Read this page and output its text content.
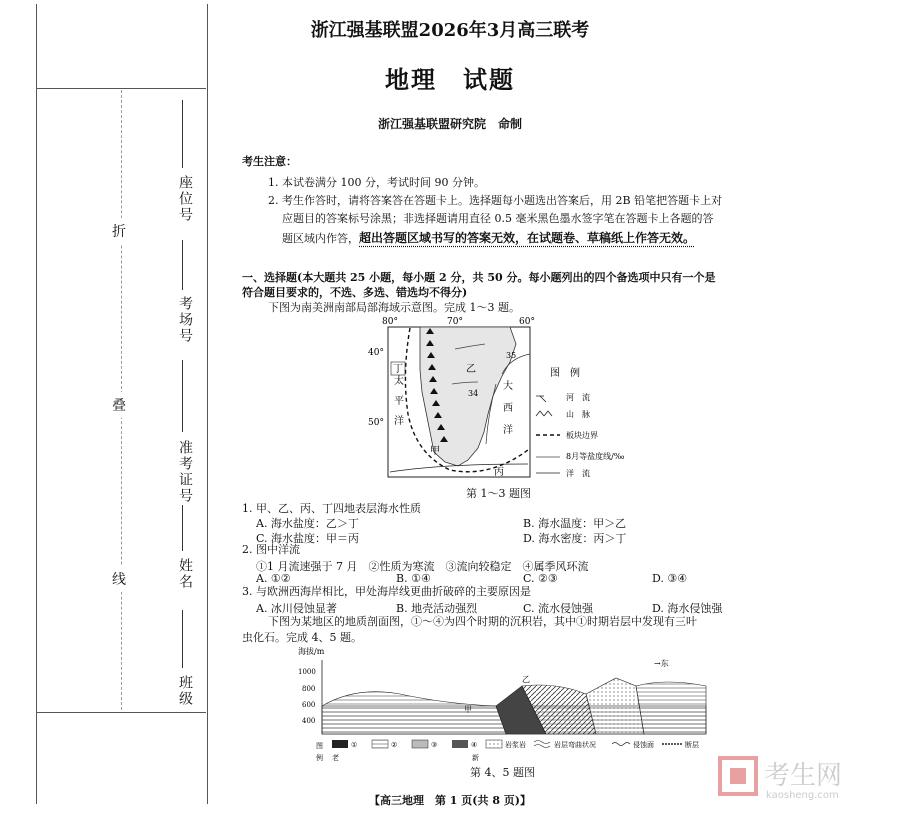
折
叠
线
座位号
考场号
准考证号
姓名
班级
浙江强基联盟2026年3月高三联考
地理　试题
浙江强基联盟研究院　命制
考生注意：
1. 本试卷满分 100 分，考试时间 90 分钟。
2. 考生作答时，请将答案答在答题卡上。选择题每小题选出答案后，用 2B 铅笔把答题卡上对
应题目的答案标号涂黑；非选择题请用直径 0.5 毫米黑色墨水签字笔在答题卡上各题的答
题区域内作答，超出答题区域书写的答案无效，在试题卷、草稿纸上作答无效。
一、选择题(本大题共 25 小题，每小题 2 分，共 50 分。每小题列出的四个备选项中只有一个是
符合题目要求的，不选、多选、错选均不得分)
下图为南美洲南部局部海域示意图。完成 1～3 题。
80°	70°	60°
40°
50°
35
34
丁	乙
甲
丙
太
平
洋
大
西
洋
图　例
河　流
山　脉
板块边界
8月等盐度线/‰
洋　流
第 1～3 题图
1. 甲、乙、丙、丁四地表层海水性质
A. 海水盐度：乙＞丁	B. 海水温度：甲＞乙
C. 海水盐度：甲＝丙	D. 海水密度：丙＞丁
2. 图中洋流
①1 月流速强于 7 月　②性质为寒流　③流向较稳定　④属季风环流
A. ①②	B. ①④	C. ②③	D. ③④
3. 与欧洲西海岸相比，甲处海岸线更曲折破碎的主要原因是
A. 冰川侵蚀显著	B. 地壳活动强烈	C. 流水侵蚀强	D. 海水侵蚀强
下图为某地区的地质剖面图，①～④为四个时期的沉积岩，其中①时期岩层中发现有三叶
虫化石。完成 4、5 题。
海拔/m
1000
800
600
400
→东
甲
乙
图
例 老	新
①	②	③	④	岩浆岩	岩层弯曲状况	侵蚀面	断层
第 4、5 题图
【高三地理　第 1 页(共 8 页)】
考生网
kaosheng.com
